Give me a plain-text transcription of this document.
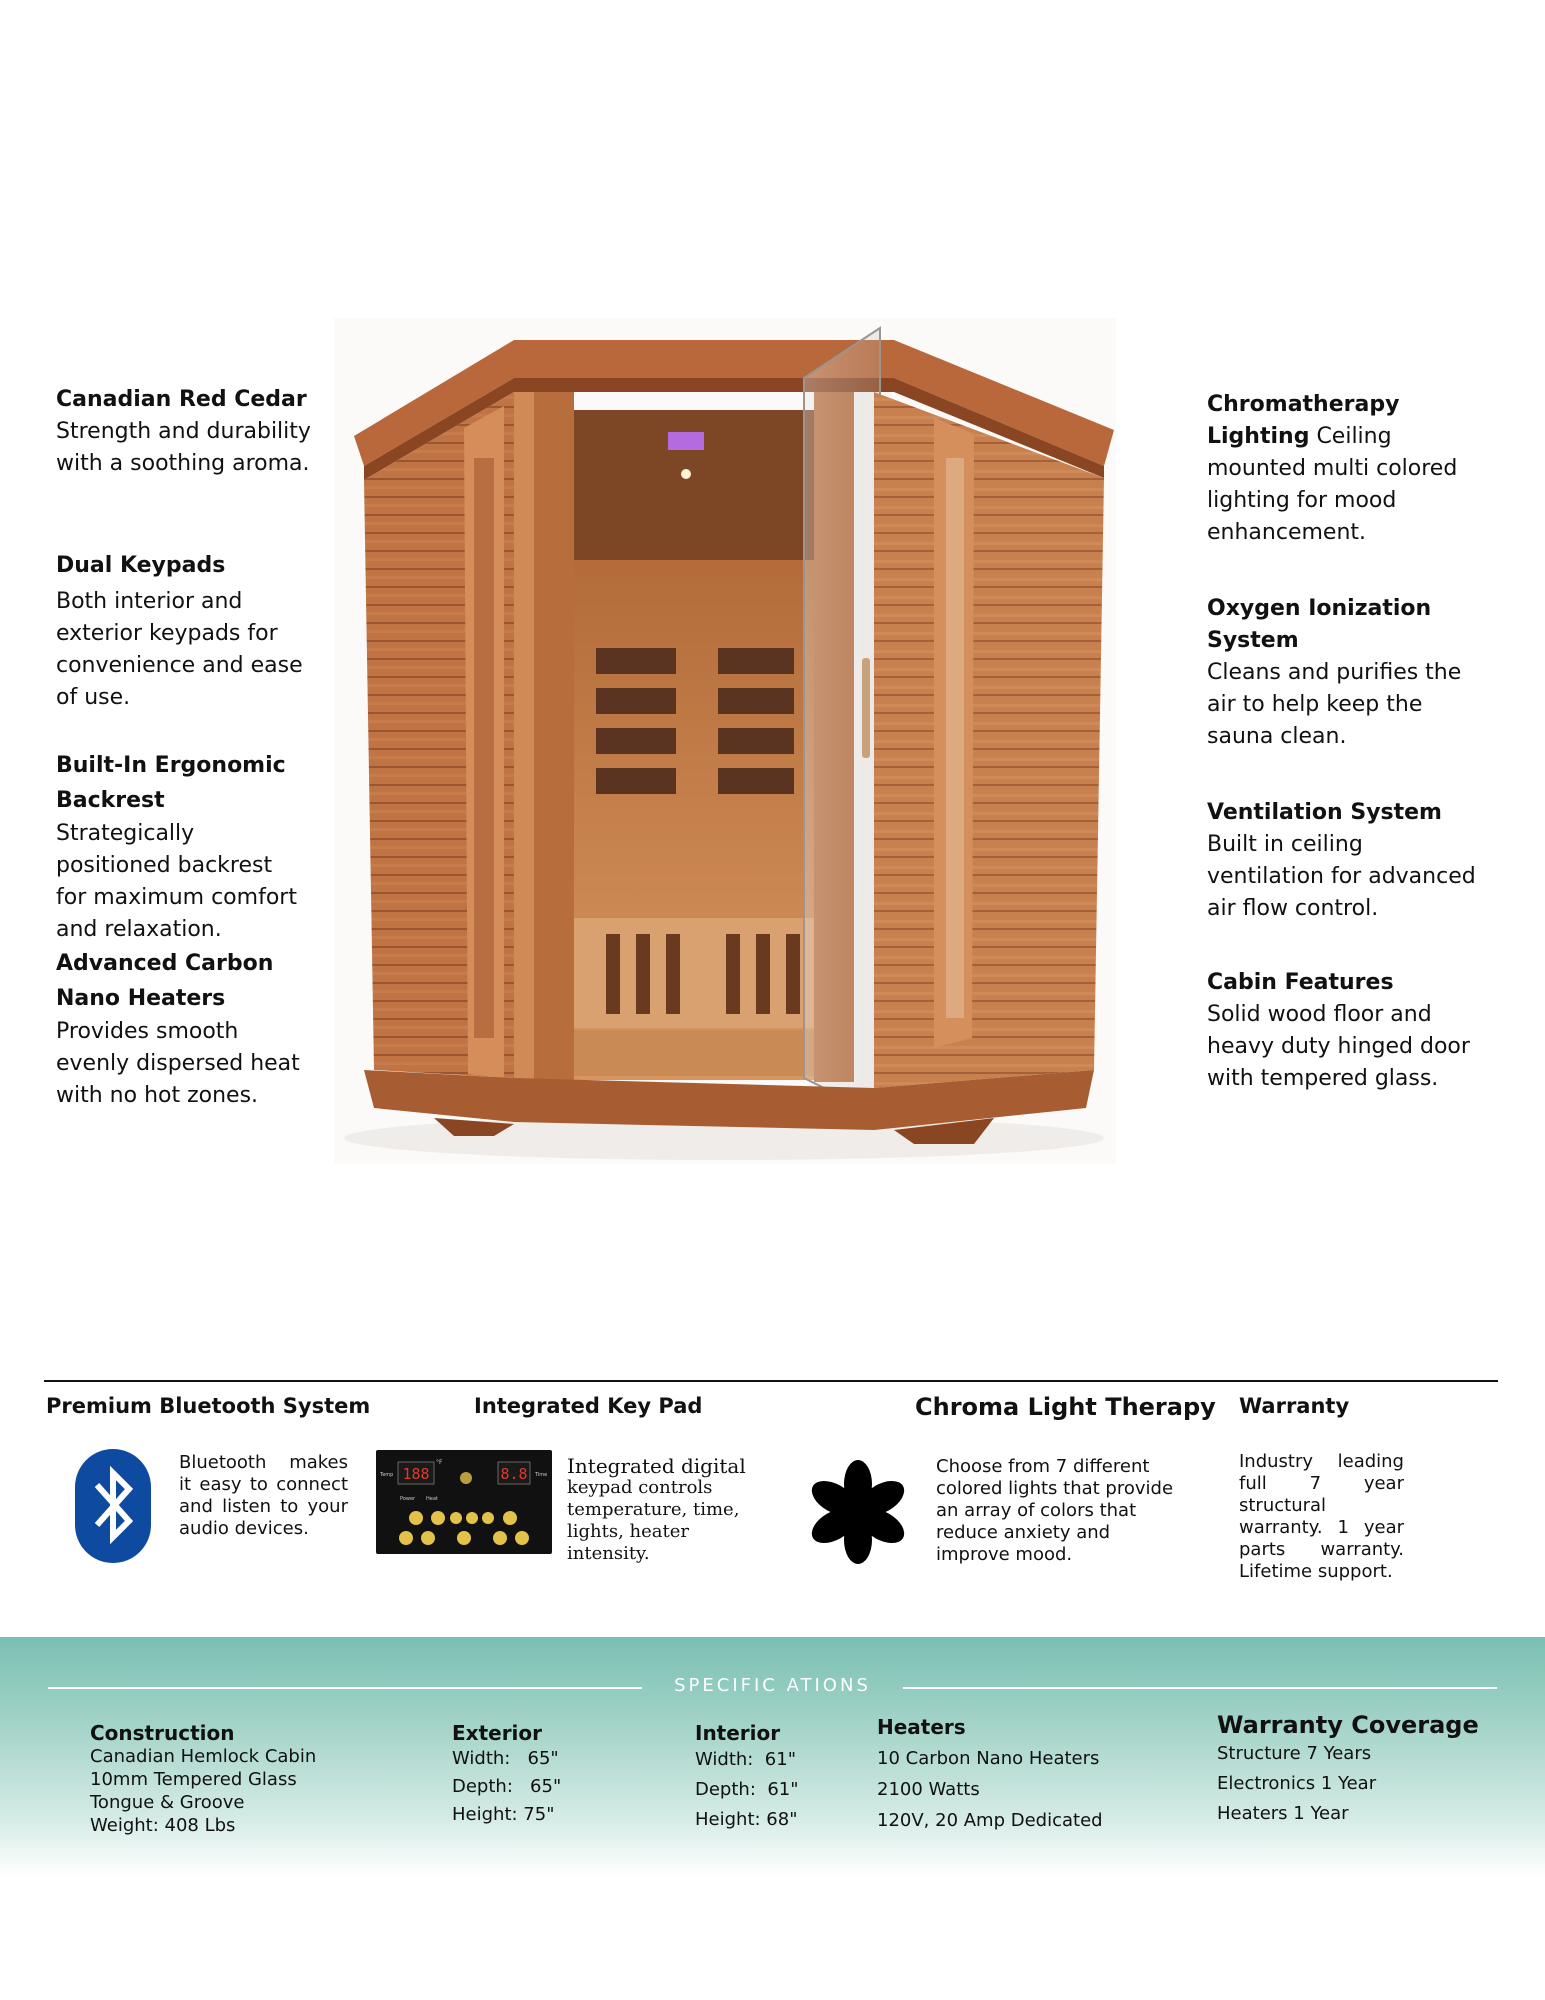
Canadian Red Cedar
Strength and durability with a soothing aroma.
Dual Keypads
Both interior and exterior keypads for convenience and ease of use.
Built-In Ergonomic Backrest
Strategically positioned backrest for maximum comfort and relaxation.
Advanced Carbon Nano Heaters
Provides smooth evenly dispersed heat with no hot zones.
Chromatherapy Lighting Ceiling mounted multi colored lighting for mood enhancement.
Oxygen Ionization System
Cleans and purifies the air to help keep the sauna clean.
Ventilation System
Built in ceiling ventilation for advanced air flow control.
Cabin Features
Solid wood floor and heavy duty hinged door with tempered glass.
Premium Bluetooth System
Bluetooth makes it easy to connect and listen to your audio devices.
Integrated Key Pad
188	8.8
Temp	Time
°F
Power Heat
Integrated digital
keypad controls temperature, time, lights, heater intensity.
Chroma Light Therapy
Choose from 7 different colored lights that provide an array of colors that reduce anxiety and improve mood.
Warranty
Industry leading full 7 year structural warranty. 1 year parts warranty. Lifetime support.
SPECIFIC ATIONS
Construction
Canadian Hemlock Cabin
10mm Tempered Glass
Tongue & Groove
Weight: 408 Lbs
Exterior
Width:   65"
Depth:   65"
Height: 75"
Interior
Width:  61"
Depth:  61"
Height: 68"
Heaters
10 Carbon Nano Heaters
2100 Watts
120V, 20 Amp Dedicated
Warranty Coverage
Structure 7 Years
Electronics 1 Year
Heaters 1 Year
